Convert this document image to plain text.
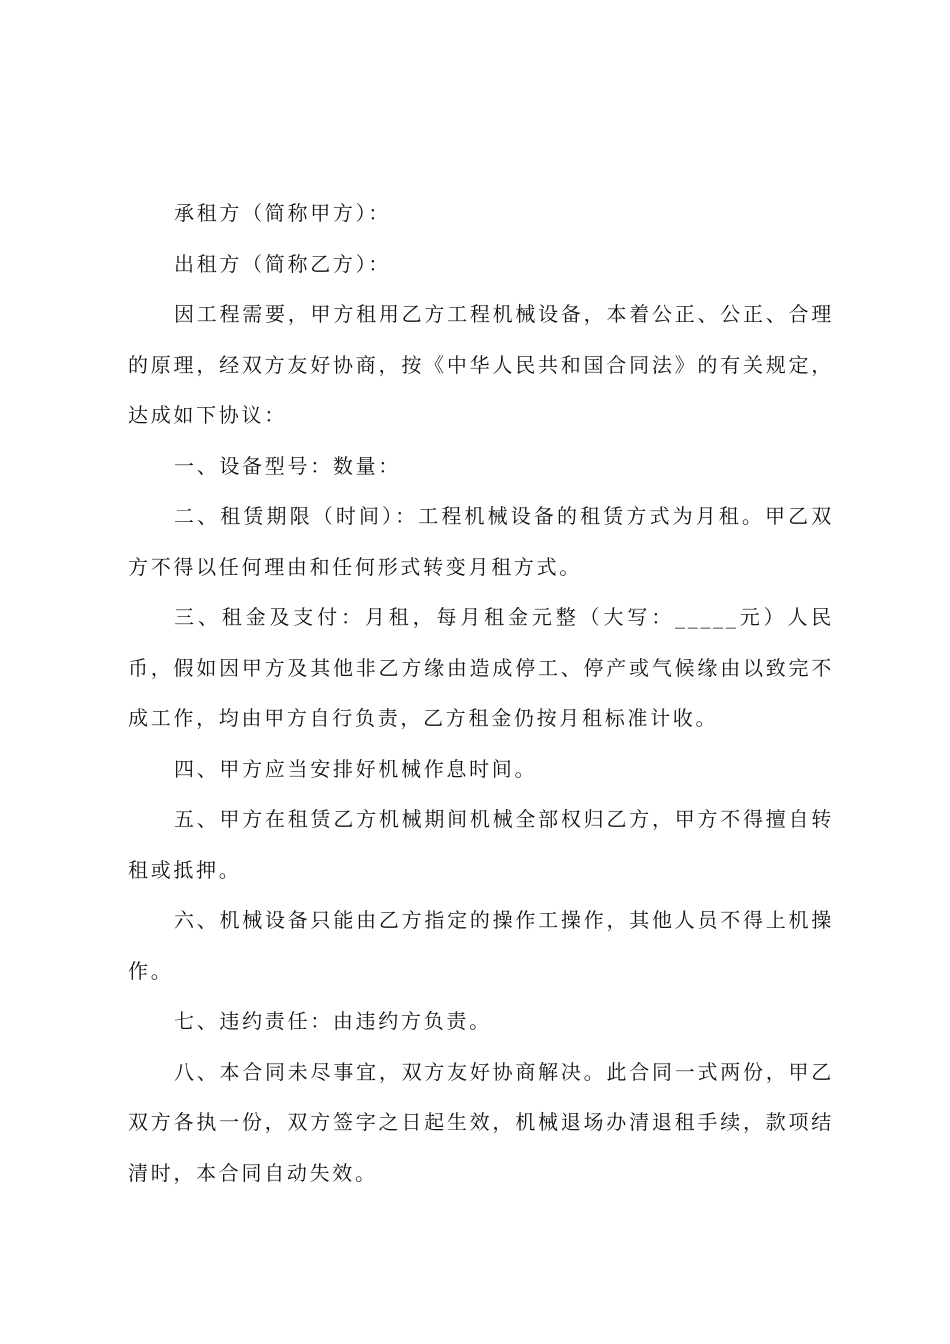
承租方（简称甲方）：

出租方（简称乙方）：

因工程需要，甲方租用乙方工程机械设备，本着公正、公正、合理的原理，经双方友好协商，按《中华人民共和国合同法》的有关规定，达成如下协议：

一、设备型号：数量：

二、租赁期限（时间）：工程机械设备的租赁方式为月租。甲乙双方不得以任何理由和任何形式转变月租方式。

三、租金及支付：月租，每月租金元整（大写：_____元）人民币，假如因甲方及其他非乙方缘由造成停工、停产或气候缘由以致完不成工作，均由甲方自行负责，乙方租金仍按月租标准计收。

四、甲方应当安排好机械作息时间。

五、甲方在租赁乙方机械期间机械全部权归乙方，甲方不得擅自转租或抵押。

六、机械设备只能由乙方指定的操作工操作，其他人员不得上机操作。

七、违约责任：由违约方负责。

八、本合同未尽事宜，双方友好协商解决。此合同一式两份，甲乙双方各执一份，双方签字之日起生效，机械退场办清退租手续，款项结清时，本合同自动失效。
